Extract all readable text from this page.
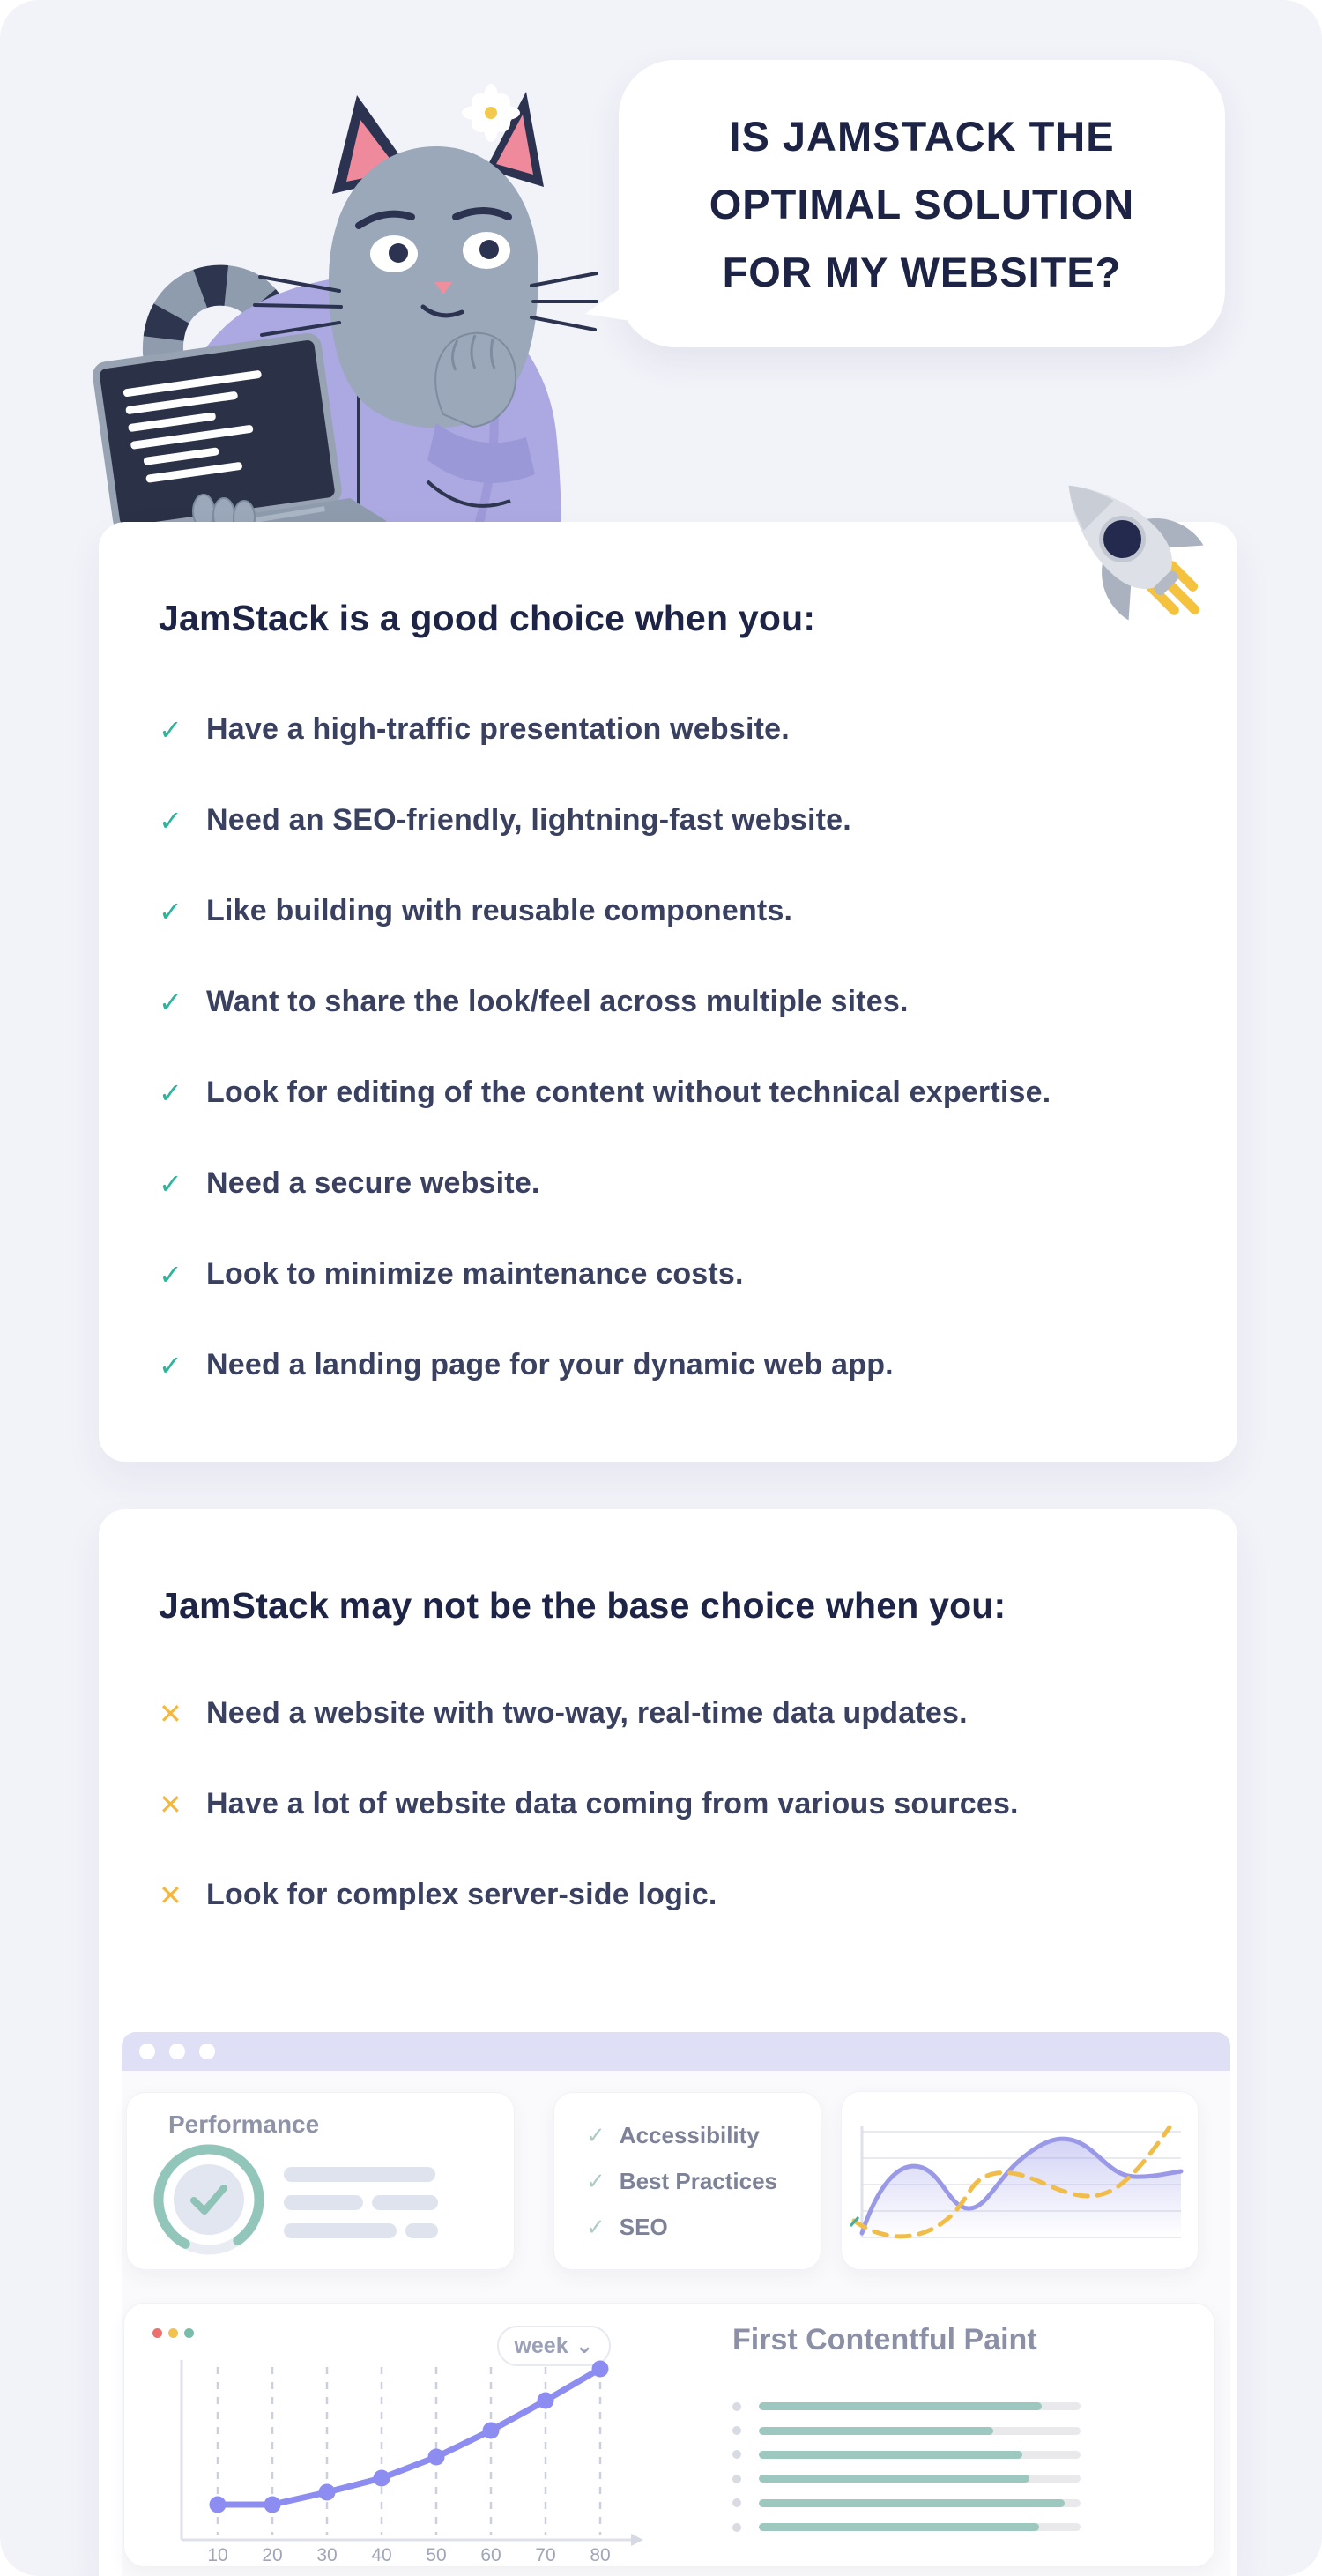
IS JAMSTACK THE
OPTIMAL SOLUTION
FOR MY WEBSITE?
JamStack is a good choice when you:
✓ Have a high-traffic presentation website.
✓ Need an SEO-friendly, lightning-fast website.
✓ Like building with reusable components.
✓ Want to share the look/feel across multiple sites.
✓ Look for editing of the content without technical expertise.
✓ Need a secure website.
✓ Look to minimize maintenance costs.
✓ Need a landing page for your dynamic web app.
JamStack may not be the base choice when you:
✕ Need a website with two-way, real-time data updates.
✕ Have a lot of website data coming from various sources.
✕ Look for complex server-side logic.
Performance	✓ Accessibility
✓ Best Practices
✓ SEO
week ⌄
10 20 30 40 50 60 70 80
First Contentful Paint
